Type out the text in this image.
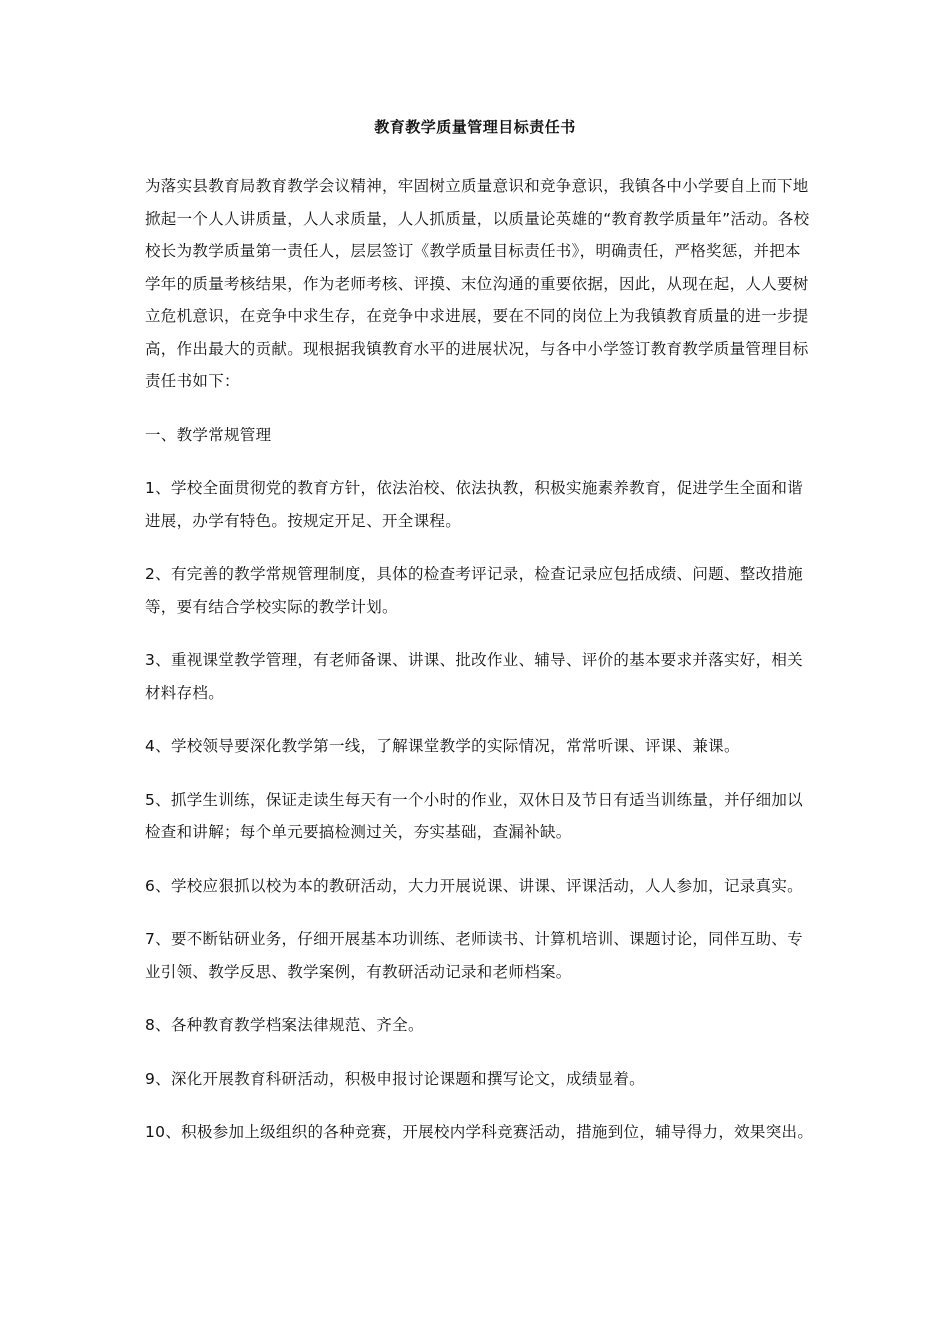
教育教学质量管理目标责任书

为落实县教育局教育教学会议精神，牢固树立质量意识和竞争意识，我镇各中小学要自上而下地掀起一个人人讲质量，人人求质量，人人抓质量，以质量论英雄的“教育教学质量年”活动。各校校长为教学质量第一责任人，层层签订《教学质量目标责任书》，明确责任，严格奖惩，并把本学年的质量考核结果，作为老师考核、评摸、末位沟通的重要依据，因此，从现在起，人人要树立危机意识，在竞争中求生存，在竞争中求进展，要在不同的岗位上为我镇教育质量的进一步提高，作出最大的贡献。现根据我镇教育水平的进展状况，与各中小学签订教育教学质量管理目标责任书如下：

一、教学常规管理

1、学校全面贯彻党的教育方针，依法治校、依法执教，积极实施素养教育，促进学生全面和谐进展，办学有特色。按规定开足、开全课程。

2、有完善的教学常规管理制度，具体的检查考评记录，检查记录应包括成绩、问题、整改措施等，要有结合学校实际的教学计划。

3、重视课堂教学管理，有老师备课、讲课、批改作业、辅导、评价的基本要求并落实好，相关材料存档。

4、学校领导要深化教学第一线，了解课堂教学的实际情况，常常听课、评课、兼课。

5、抓学生训练，保证走读生每天有一个小时的作业，双休日及节日有适当训练量，并仔细加以检查和讲解；每个单元要搞检测过关，夯实基础，查漏补缺。

6、学校应狠抓以校为本的教研活动，大力开展说课、讲课、评课活动，人人参加，记录真实。

7、要不断钻研业务，仔细开展基本功训练、老师读书、计算机培训、课题讨论，同伴互助、专业引领、教学反思、教学案例，有教研活动记录和老师档案。

8、各种教育教学档案法律规范、齐全。

9、深化开展教育科研活动，积极申报讨论课题和撰写论文，成绩显着。

10、积极参加上级组织的各种竞赛，开展校内学科竞赛活动，措施到位，辅导得力，效果突出。
